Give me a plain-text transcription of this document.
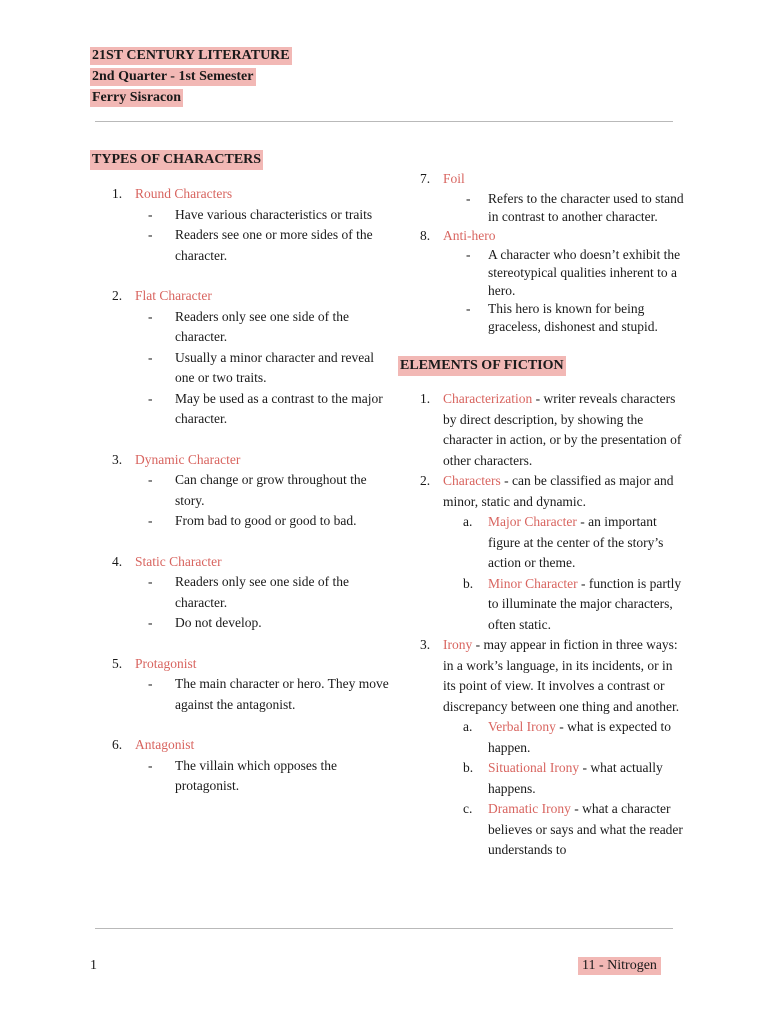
21ST CENTURY LITERATURE
2nd Quarter - 1st Semester
Ferry Sisracon
TYPES OF CHARACTERS
1. Round Characters
- Have various characteristics or traits
- Readers see one or more sides of the character.
2. Flat Character
- Readers only see one side of the character.
- Usually a minor character and reveal one or two traits.
- May be used as a contrast to the major character.
3. Dynamic Character
- Can change or grow throughout the story.
- From bad to good or good to bad.
4. Static Character
- Readers only see one side of the character.
- Do not develop.
5. Protagonist
- The main character or hero. They move against the antagonist.
6. Antagonist
- The villain which opposes the protagonist.
7. Foil
- Refers to the character used to stand in contrast to another character.
8. Anti-hero
- A character who doesn’t exhibit the stereotypical qualities inherent to a hero.
- This hero is known for being graceless, dishonest and stupid.
ELEMENTS OF FICTION
1. Characterization - writer reveals characters by direct description, by showing the character in action, or by the presentation of other characters.
2. Characters - can be classified as major and minor, static and dynamic.
a. Major Character - an important figure at the center of the story’s action or theme.
b. Minor Character - function is partly to illuminate the major characters, often static.
3. Irony - may appear in fiction in three ways: in a work’s language, in its incidents, or in its point of view. It involves a contrast or discrepancy between one thing and another.
a. Verbal Irony - what is expected to happen.
b. Situational Irony - what actually happens.
c. Dramatic Irony - what a character believes or says and what the reader understands to
1	11 - Nitrogen
